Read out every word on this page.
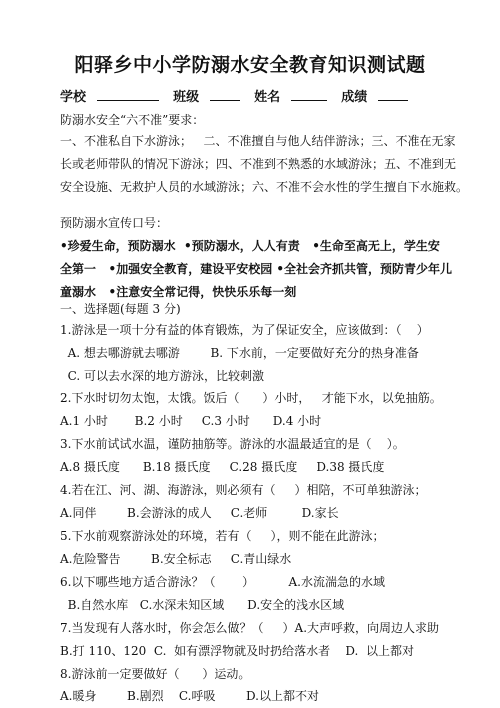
阳驿乡中小学防溺水安全教育知识测试题
学校	班级	姓名	成绩
防溺水安全“六不准”要求：
一、不准私自下水游泳；   二、不准擅自与他人结伴游泳；三、不准在无家
长或老师带队的情况下游泳；四、不准到不熟悉的水域游泳；五、不准到无
安全设施、无救护人员的水域游泳；六、不准不会水性的学生擅自下水施救。
预防溺水宣传口号：
•珍爱生命，预防溺水  •预防溺水，人人有责   •生命至高无上，学生安
全第一   •加强安全教育，建设平安校园 •全社会齐抓共管，预防青少年儿
童溺水   •注意安全常记得，快快乐乐每一刻
一、选择题(每题 3 分)
1.游泳是一项十分有益的体育锻炼，为了保证安全，应该做到：（    ）
A. 想去哪游就去哪游        B. 下水前，一定要做好充分的热身准备
C. 可以去水深的地方游泳，比较刺激
2.下水时切勿太饱，太饿。饭后（      ）小时，   才能下水，以免抽筋。
A.1 小时       B.2 小时     C.3 小时      D.4 小时
3.下水前试试水温，谨防抽筋等。游泳的水温最适宜的是（    ）。
A.8 摄氏度      B.18 摄氏度     C.28 摄氏度     D.38 摄氏度
4.若在江、河、湖、海游泳，则必须有（     ）相陪，不可单独游泳；
A.同伴        B.会游泳的成人     C.老师         D.家长
5.下水前观察游泳处的环境，若有（     ），则不能在此游泳；
A.危险警告        B.安全标志     C.青山绿水
6.以下哪些地方适合游泳？（       ）         A.水流湍急的水域
B.自然水库   C.水深未知区域      D.安全的浅水区域
7.当发现有人落水时，你会怎么做？（     ）A.大声呼救，向周边人求助
B.打 110、120  C.  如有漂浮物就及时扔给落水者    D.  以上都对
8.游泳前一定要做好（      ）运动。
A.暖身        B.剧烈    C.呼吸        D.以上都不对
